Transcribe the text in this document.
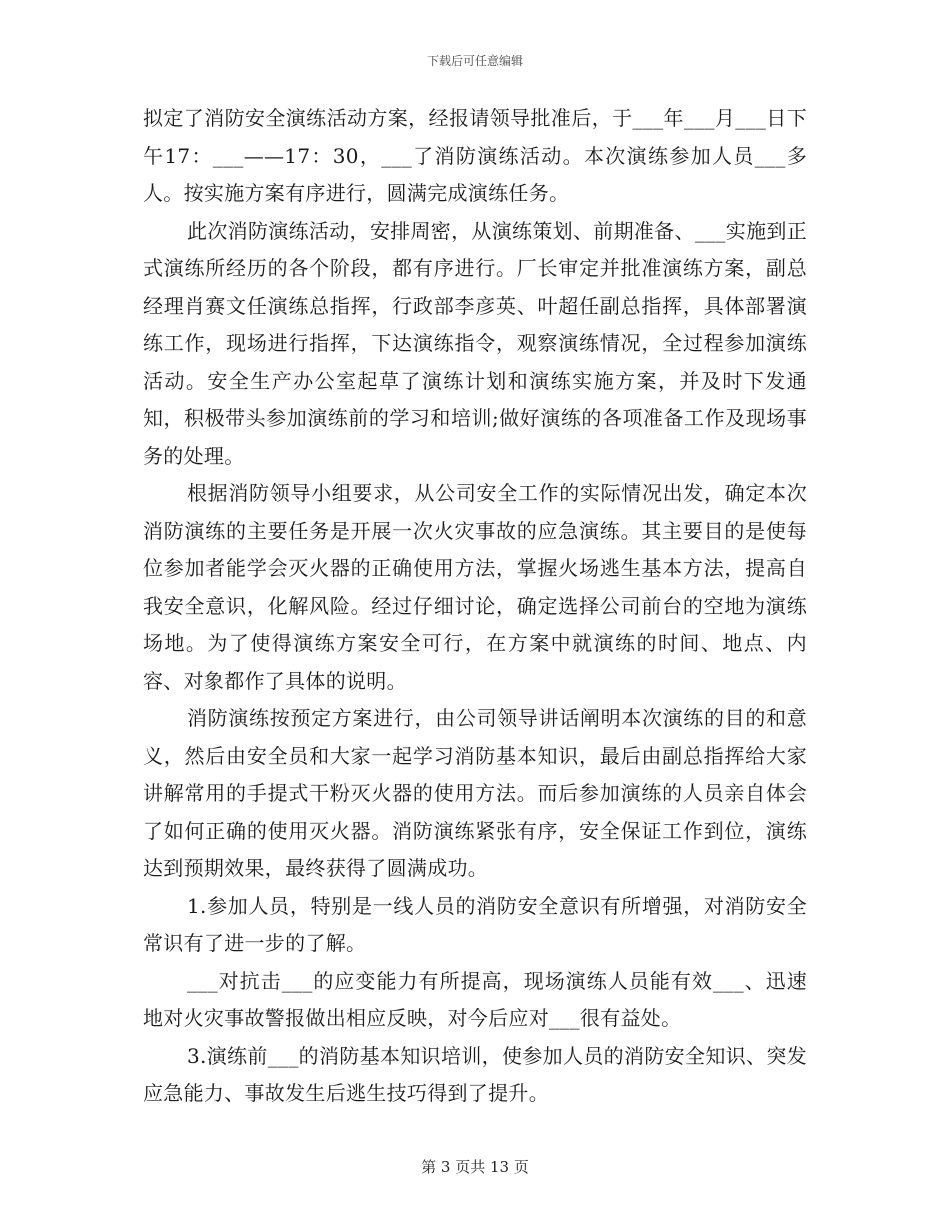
下载后可任意编辑

拟定了消防安全演练活动方案，经报请领导批准后，于___年___月___日下午17：___——17：30，___了消防演练活动。本次演练参加人员___多人。按实施方案有序进行，圆满完成演练任务。

此次消防演练活动，安排周密，从演练策划、前期准备、___实施到正式演练所经历的各个阶段，都有序进行。厂长审定并批准演练方案，副总经理肖赛文任演练总指挥，行政部李彦英、叶超任副总指挥，具体部署演练工作，现场进行指挥，下达演练指令，观察演练情况，全过程参加演练活动。安全生产办公室起草了演练计划和演练实施方案，并及时下发通知，积极带头参加演练前的学习和培训;做好演练的各项准备工作及现场事务的处理。

根据消防领导小组要求，从公司安全工作的实际情况出发，确定本次消防演练的主要任务是开展一次火灾事故的应急演练。其主要目的是使每位参加者能学会灭火器的正确使用方法，掌握火场逃生基本方法，提高自我安全意识，化解风险。经过仔细讨论，确定选择公司前台的空地为演练场地。为了使得演练方案安全可行，在方案中就演练的时间、地点、内容、对象都作了具体的说明。

消防演练按预定方案进行，由公司领导讲话阐明本次演练的目的和意义，然后由安全员和大家一起学习消防基本知识，最后由副总指挥给大家讲解常用的手提式干粉灭火器的使用方法。而后参加演练的人员亲自体会了如何正确的使用灭火器。消防演练紧张有序，安全保证工作到位，演练达到预期效果，最终获得了圆满成功。

1.参加人员，特别是一线人员的消防安全意识有所增强，对消防安全常识有了进一步的了解。

___对抗击___的应变能力有所提高，现场演练人员能有效___、迅速地对火灾事故警报做出相应反映，对今后应对___很有益处。

3.演练前___的消防基本知识培训，使参加人员的消防安全知识、突发应急能力、事故发生后逃生技巧得到了提升。

第 3 页共 13 页
